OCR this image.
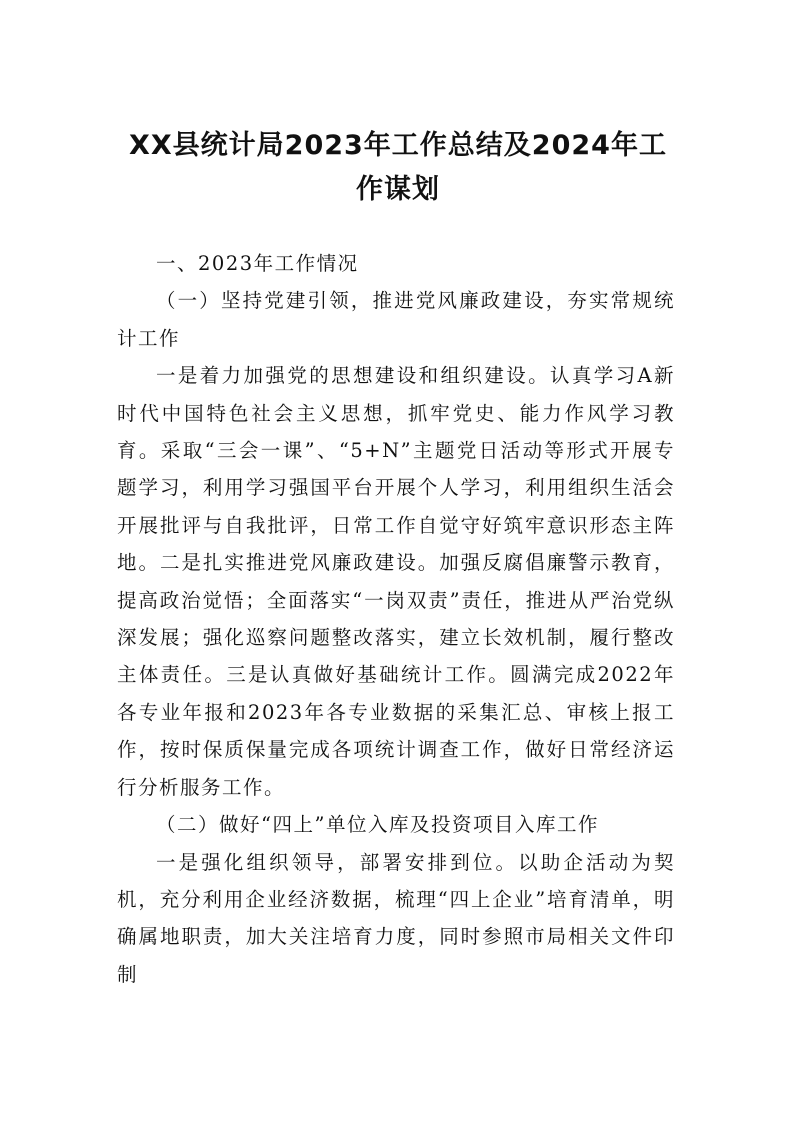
XX县统计局2023年工作总结及2024年工作谋划

一、2023年工作情况

（一）坚持党建引领，推进党风廉政建设，夯实常规统计工作

一是着力加强党的思想建设和组织建设。认真学习A新时代中国特色社会主义思想，抓牢党史、能力作风学习教育。采取“三会一课”、“5+N”主题党日活动等形式开展专题学习，利用学习强国平台开展个人学习，利用组织生活会开展批评与自我批评，日常工作自觉守好筑牢意识形态主阵地。二是扎实推进党风廉政建设。加强反腐倡廉警示教育，提高政治觉悟；全面落实“一岗双责”责任，推进从严治党纵深发展；强化巡察问题整改落实，建立长效机制，履行整改主体责任。三是认真做好基础统计工作。圆满完成2022年各专业年报和2023年各专业数据的采集汇总、审核上报工作，按时保质保量完成各项统计调查工作，做好日常经济运行分析服务工作。

（二）做好“四上”单位入库及投资项目入库工作

一是强化组织领导，部署安排到位。以助企活动为契机，充分利用企业经济数据，梳理“四上企业”培育清单，明确属地职责，加大关注培育力度，同时参照市局相关文件印制
